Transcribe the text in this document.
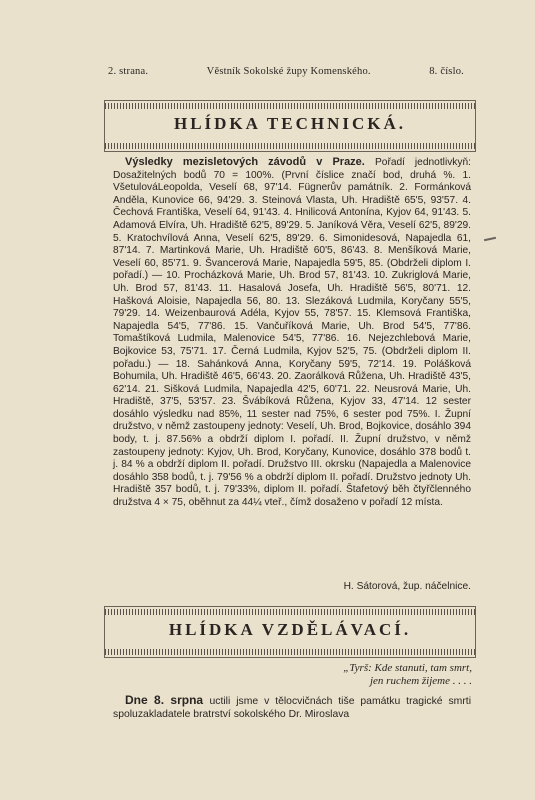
2. strana.	Věstník Sokolské župy Komenského.	8. číslo.
HLÍDKA TECHNICKÁ.
Výsledky mezisletových závodů v Praze. Pořadí jednotlivkyň: Dosažitelných bodů 70 = 100%. (První číslice značí bod, druhá %. 1. VšetulováLeopolda, Veselí 68, 97'14. Fügnerův památník. 2. Formánková Anděla, Kunovice 66, 94'29. 3. Steinová Vlasta, Uh. Hradiště 65'5, 93'57. 4. Čechová Františka, Veselí 64, 91'43. 4. Hnilicová Antonína, Kyjov 64, 91'43. 5. Adamová Elvíra, Uh. Hradiště 62'5, 89'29. 5. Janíková Věra, Veselí 62'5, 89'29. 5. Kratochvílová Anna, Veselí 62'5, 89'29. 6. Simonidesová, Napajedla 61, 87'14. 7. Martinková Marie, Uh. Hradiště 60'5, 86'43. 8. Menšíková Marie, Veselí 60, 85'71. 9. Švancerová Marie, Napajedla 59'5, 85. (Obdrželi diplom I. pořadí.) — 10. Procházková Marie, Uh. Brod 57, 81'43. 10. Zukriglová Marie, Uh. Brod 57, 81'43. 11. Hasalová Josefa, Uh. Hradiště 56'5, 80'71. 12. Hašková Aloisie, Napajedla 56, 80. 13. Slezáková Ludmila, Koryčany 55'5, 79'29. 14. Weizenbaurová Adéla, Kyjov 55, 78'57. 15. Klemsová Františka, Napajedla 54'5, 77'86. 15. Vančuříková Marie, Uh. Brod 54'5, 77'86. Tomaštíková Ludmila, Malenovice 54'5, 77'86. 16. Nejezchlebová Marie, Bojkovice 53, 75'71. 17. Černá Ludmila, Kyjov 52'5, 75. (Obdrželi diplom II. pořadu.) — 18. Sahánková Anna, Koryčany 59'5, 72'14. 19. Polášková Bohumila, Uh. Hradiště 46'5, 66'43. 20. Zaorálková Růžena, Uh. Hradiště 43'5, 62'14. 21. Sišková Ludmila, Napajedla 42'5, 60'71. 22. Neusrová Marie, Uh. Hradiště, 37'5, 53'57. 23. Švábíková Růžena, Kyjov 33, 47'14. 12 sester dosáhlo výsledku nad 85%, 11 sester nad 75%, 6 sester pod 75%. I. Župní družstvo, v němž zastoupeny jednoty: Veselí, Uh. Brod, Bojkovice, dosáhlo 394 body, t. j. 87.56% a obdrží diplom I. pořadí. II. Župní družstvo, v němž zastoupeny jednoty: Kyjov, Uh. Brod, Koryčany, Kunovice, dosáhlo 378 bodů t. j. 84 % a obdrží diplom II. pořadí. Družstvo III. okrsku (Napajedla a Malenovice dosáhlo 358 bodů, t. j. 79'56 % a obdrží diplom II. pořadí. Družstvo jednoty Uh. Hradiště 357 bodů, t. j. 79'33%, diplom II. pořadí. Štafetový běh čtyřčlenného družstva 4 × 75, oběhnut za 44¼ vteř., čímž dosaženo v pořadí 12 místa.
H. Sátorová, žup. náčelnice.
HLÍDKA VZDĚLÁVACÍ.
„Tyrš: Kde stanuti, tam smrt,
jen ruchem žijeme . . . .
Dne 8. srpna uctili jsme v tělocvičnách tiše památku tragické smrti spoluzakladatele bratrství sokolského Dr. Miroslava
